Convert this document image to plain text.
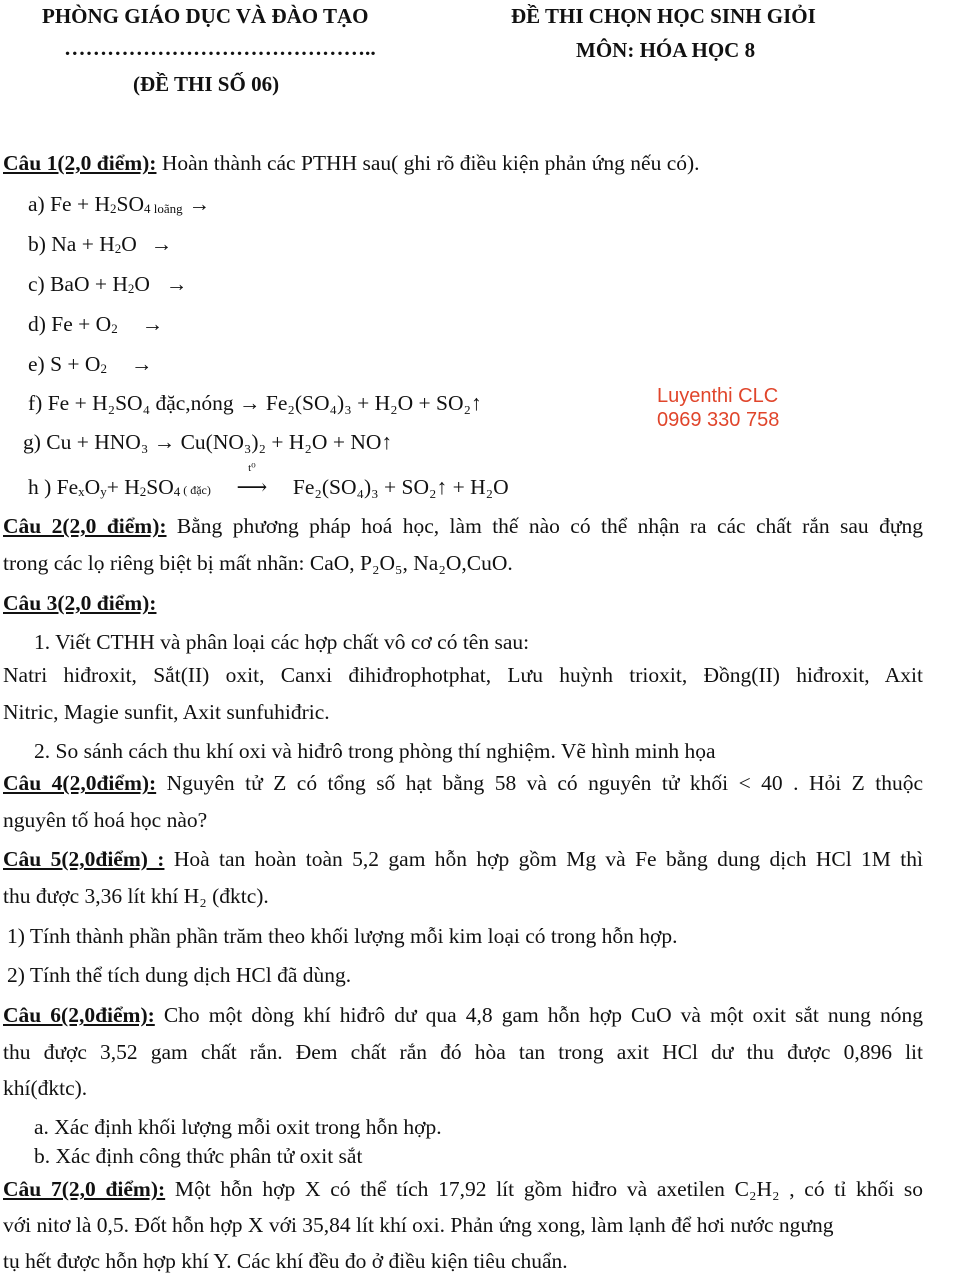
PHÒNG GIÁO DỤC VÀ ĐÀO TẠO
……………………………………..
(ĐỀ THI SỐ 06)
ĐỀ THI CHỌN HỌC SINH GIỎI
MÔN: HÓA HỌC 8
Câu 1(2,0 điểm): Hoàn thành các PTHH sau( ghi rõ điều kiện phản ứng nếu có).
a) $Fe + H_2SO_{4 loãng}$ →
b) $Na + H_2O$ →
c) BaO + $H_2O$ →
d) $Fe + O_2$ →
e) $S + O_2$ →
f) Fe + H₂SO₄ đặc,nóng → Fe₂(SO₄)₃ + H₂O + SO₂↑
g) Cu + HNO₃ → Cu(NO₃)₂ + H₂O + NO↑
h ) $Fe_xO_y+ H_2SO_4$ ( đặc)
t⁰
⟶ Fe₂(SO₄)₃ + SO₂↑ + H₂O
Luyenthi CLC
0969 330 758
Câu 2(2,0 điểm): Bằng phương pháp hoá học, làm thế nào có thể nhận ra các chất rắn sau đựng
trong các lọ riêng biệt bị mất nhãn: CaO, P₂O₅, Na₂O,CuO.
Câu 3(2,0 điểm):
1. Viết CTHH và phân loại các hợp chất vô cơ có tên sau:
Natri hiđroxit, Sắt(II) oxit, Canxi đihiđrophotphat, Lưu huỳnh trioxit, Đồng(II) hiđroxit, Axit
Nitric, Magie sunfit, Axit sunfuhiđric.
2. So sánh cách thu khí oxi và hiđrô trong phòng thí nghiệm. Vẽ hình minh họa
Câu 4(2,0điểm): Nguyên tử Z có tổng số hạt bằng 58 và có nguyên tử khối < 40 . Hỏi Z thuộc
nguyên tố hoá học nào?
Câu 5(2,0điểm) : Hoà tan hoàn toàn 5,2 gam hỗn hợp gồm Mg và Fe bằng dung dịch HCl 1M thì
thu được 3,36 lít khí H₂ (đktc).
1) Tính thành phần phần trăm theo khối lượng mỗi kim loại có trong hỗn hợp.
2) Tính thể tích dung dịch HCl đã dùng.
Câu 6(2,0điểm): Cho một dòng khí hiđrô dư qua 4,8 gam hỗn hợp CuO và một oxit sắt nung nóng
thu được 3,52 gam chất rắn. Đem chất rắn đó hòa tan trong axit HCl dư thu được 0,896 lit
khí(đktc).
a. Xác định khối lượng mỗi oxit trong hỗn hợp.
b. Xác định công thức phân tử oxit sắt
Câu 7(2,0 điểm): Một hỗn hợp X có thể tích 17,92 lít gồm hiđro và axetilen C₂H₂ , có tỉ khối so
với nitơ là 0,5. Đốt hỗn hợp X với 35,84 lít khí oxi. Phản ứng xong, làm lạnh để hơi nước ngưng
tụ hết được hỗn hợp khí Y. Các khí đều đo ở điều kiện tiêu chuẩn.
